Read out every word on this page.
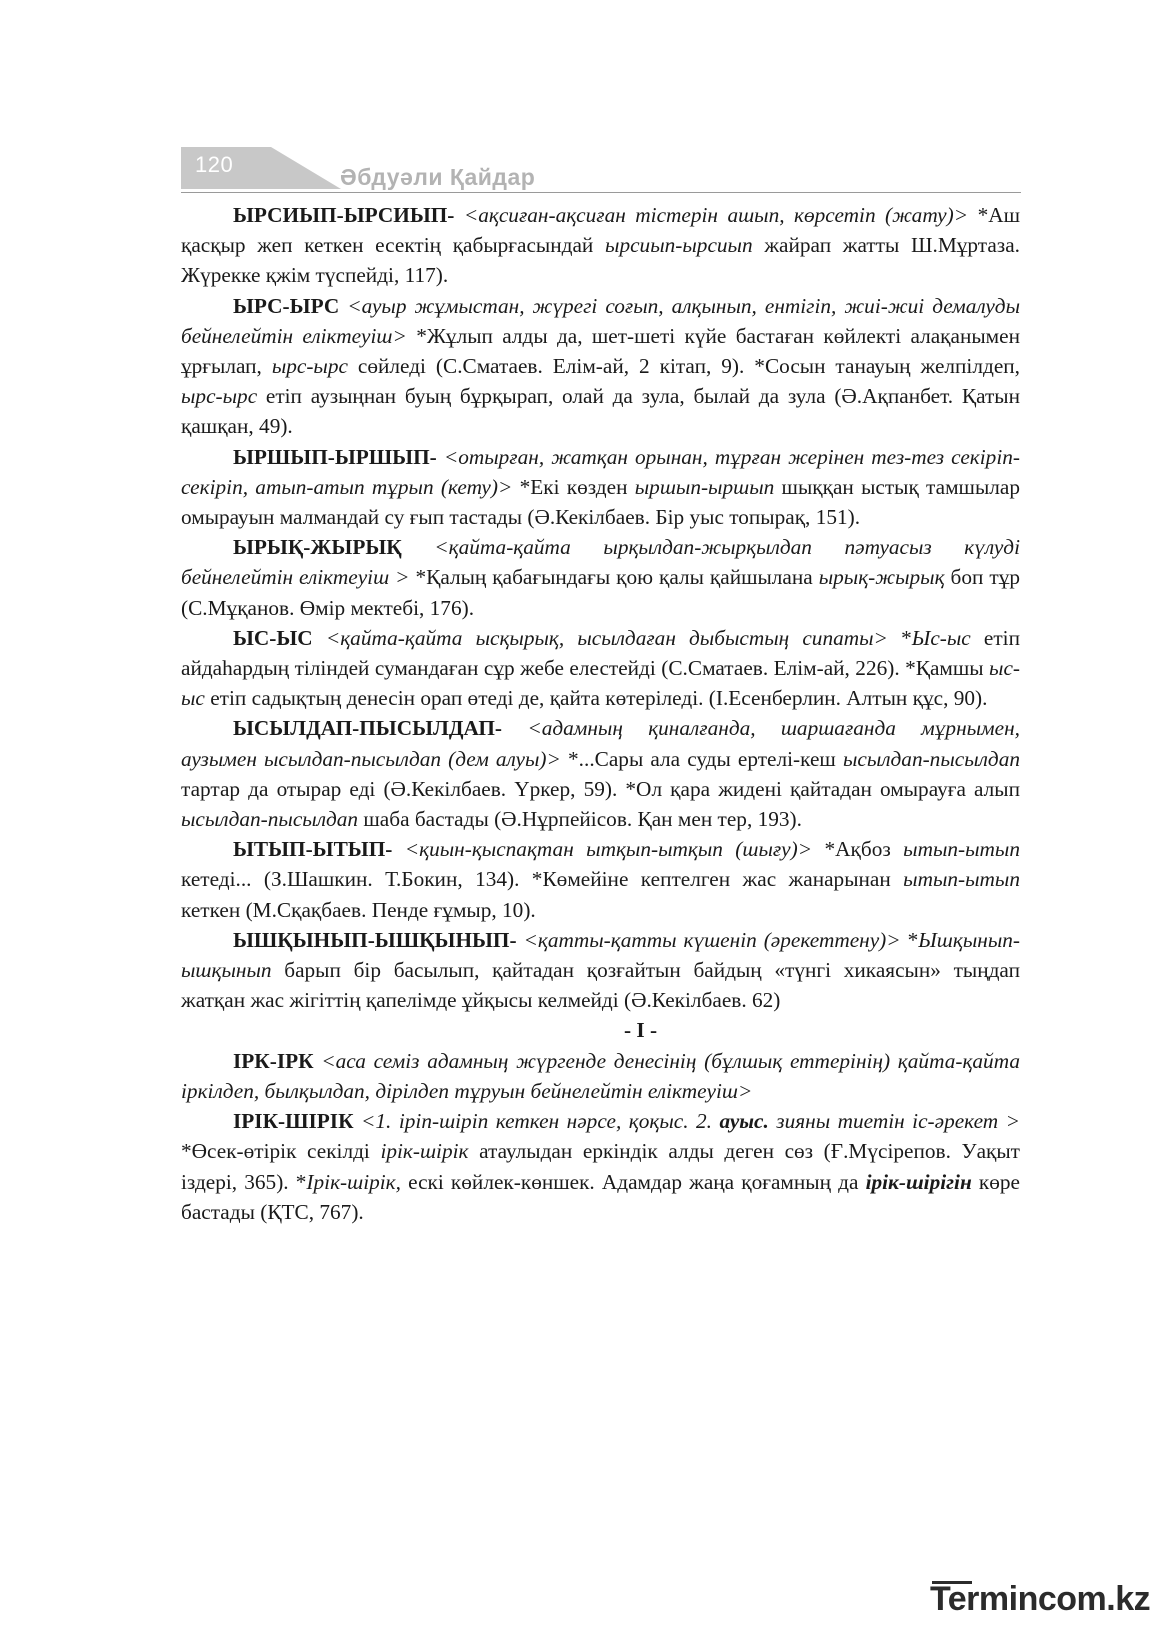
120	Әбдуәли Қайдар

ЫРСИЫП-ЫРСИЫП- <ақсиған-ақсиған тістерін ашып, көрсетіп (жату)> *Аш қасқыр жеп кеткен есектің қабырғасындай ырсиып-ырсиып жайрап жатты Ш.Мұртаза. Жүрекке қжім түспейді, 117).

ЫРС-ЫРС <ауыр жұмыстан, жүрегі соғып, алқынып, ентігіп, жиі-жиі демалуды бейнелейтін еліктеуіш> *Жұлып алды да, шет-шеті күйе бастаған көйлекті алақанымен ұрғылап, ырс-ырс сөйледі (С.Сматаев. Елім-ай, 2 кітап, 9). *Сосын танауың желпілдеп, ырс-ырс етіп аузыңнан буың бұрқырап, олай да зула, былай да зула (Ә.Ақпанбет. Қатын қашқан, 49).

ЫРШЫП-ЫРШЫП- <отырған, жатқан орынан, тұрған жерінен тез-тез секіріп-секіріп, атып-атып тұрып (кету)> *Екі көзден ыршып-ыршып шыққан ыстық тамшылар омырауын малмандай су ғып тастады (Ә.Кекілбаев. Бір уыс топырақ, 151).

ЫРЫҚ-ЖЫРЫҚ <қайта-қайта ырқылдап-жырқылдап пәтуасыз күлуді бейнелейтін еліктеуіш > *Қалың қабағындағы қою қалы қайшылана ырық-жырық боп тұр (С.Мұқанов. Өмір мектебі, 176).

ЫС-ЫС <қайта-қайта ысқырық, ысылдаған дыбыстың сипаты> *Ыс-ыс етіп айдаһардың тіліндей сумандаған сұр жебе елестейді (С.Сматаев. Елім-ай, 226). *Қамшы ыс-ыс етіп садықтың денесін орап өтеді де, қайта көтеріледі. (І.Есенберлин. Алтын құс, 90).

ЫСЫЛДАП-ПЫСЫЛДАП- <адамның қиналғанда, шаршағанда мұрнымен, аузымен ысылдап-пысылдап (дем алуы)> *...Сары ала суды ертелі-кеш ысылдап-пысылдап тартар да отырар еді (Ә.Кекілбаев. Үркер, 59). *Ол қара жидені қайтадан омырауға алып ысылдап-пысылдап шаба бастады (Ә.Нұрпейісов. Қан мен тер, 193).

ЫТЫП-ЫТЫП- <қиын-қыспақтан ытқып-ытқып (шығу)> *Ақбоз ытып-ытып кетеді... (З.Шашкин. Т.Бокин, 134). *Көмейіне кептелген жас жанарынан ытып-ытып кеткен (М.Сқақбаев. Пенде ғұмыр, 10).

ЫШҚЫНЫП-ЫШҚЫНЫП- <қатты-қатты күшеніп (әрекеттену)> *Ышқынып-ышқынып барып бір басылып, қайтадан қозғайтын байдың «түнгі хикаясын» тыңдап жатқан жас жігіттің қапелімде ұйқысы келмейді (Ә.Кекілбаев. 62)

- І -

ІРК-ІРК <аса семіз адамның жүргенде денесінің (бұлшық еттерінің) қайта-қайта іркілдеп, былқылдап, дірілдеп тұруын бейнелейтін еліктеуіш>

ІРІК-ШІРІК <1. іріп-шіріп кеткен нәрсе, қоқыс. 2. ауыс. зияны тиетін іс-әрекет > *Өсек-өтірік секілді ірік-шірік атаулыдан еркіндік алды деген сөз (Ғ.Мүсірепов. Уақыт іздері, 365). *Ірік-шірік, ескі көйлек-көншек. Адамдар жаңа қоғамның да ірік-шірігін көре бастады (ҚТС, 767).

Termincom.kz
